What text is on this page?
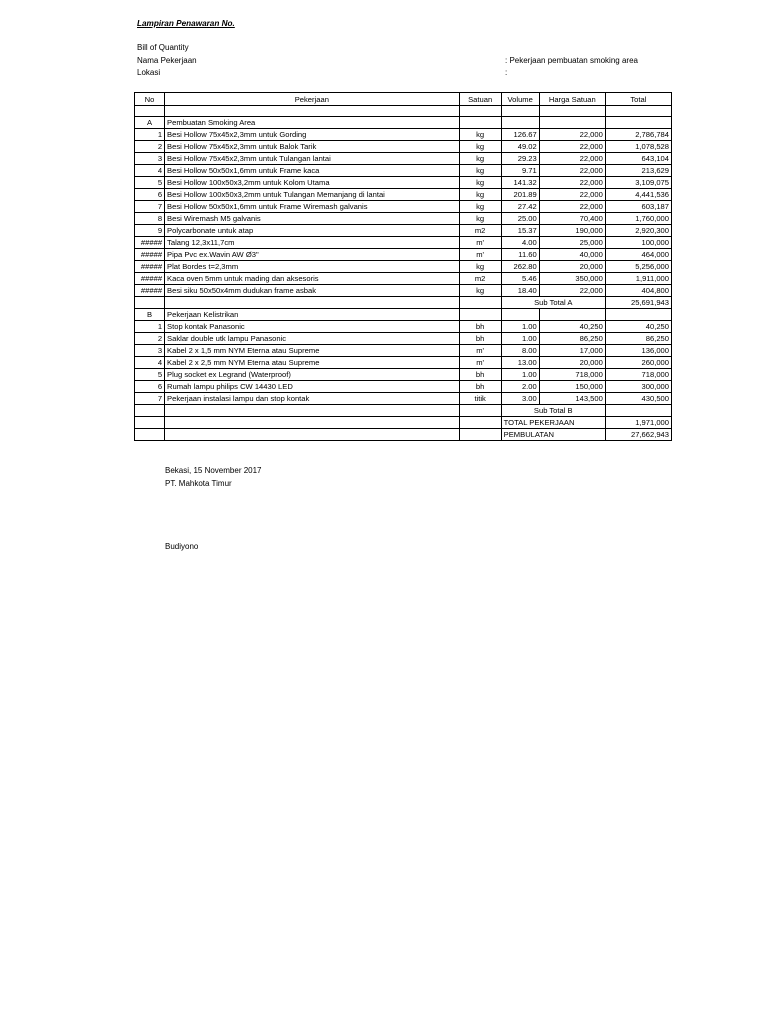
Lampiran Penawaran No.
Bill of Quantity
Nama Pekerjaan	: Pekerjaan pembuatan smoking area
Lokasi	:
No	Pekerjaan	Satuan	Volume	Harga Satuan	Total

A	Pembuatan Smoking Area				
1	Besi Hollow 75x45x2,3mm untuk Gording	kg	126.67	22,000	2,786,784
2	Besi Hollow 75x45x2,3mm untuk Balok Tarik	kg	49.02	22,000	1,078,528
3	Besi Hollow 75x45x2,3mm untuk Tulangan lantai	kg	29.23	22,000	643,104
4	Besi Hollow 50x50x1,6mm untuk Frame kaca	kg	9.71	22,000	213,629
5	Besi Hollow 100x50x3,2mm untuk Kolom Utama	kg	141.32	22,000	3,109,075
6	Besi Hollow 100x50x3,2mm untuk Tulangan Memanjang di lantai	kg	201.89	22,000	4,441,536
7	Besi Hollow 50x50x1,6mm untuk Frame Wiremash galvanis	kg	27.42	22,000	603,187
8	Besi Wiremash M5 galvanis	kg	25.00	70,400	1,760,000
9	Polycarbonate untuk atap	m2	15.37	190,000	2,920,300
#####	Talang 12,3x11,7cm	m'	4.00	25,000	100,000
#####	Pipa Pvc ex.Wavin AW Ø3"	m'	11.60	40,000	464,000
#####	Plat Bordes t=2,3mm	kg	262.80	20,000	5,256,000
#####	Kaca oven 5mm untuk mading dan aksesoris	m2	5.46	350,000	1,911,000
#####	Besi siku 50x50x4mm dudukan frame asbak	kg	18.40	22,000	404,800
			Sub Total A		25,691,943
B	Pekerjaan Kelistrikan				
1	Stop kontak Panasonic	bh	1.00	40,250	40,250
2	Saklar double utk lampu Panasonic	bh	1.00	86,250	86,250
3	Kabel 2 x 1,5 mm NYM Eterna atau Supreme	m'	8.00	17,000	136,000
4	Kabel 2 x 2,5 mm NYM Eterna atau Supreme	m'	13.00	20,000	260,000
5	Plug socket ex Legrand (Waterproof)	bh	1.00	718,000	718,000
6	Rumah lampu philips CW 14430 LED	bh	2.00	150,000	300,000
7	Pekerjaan instalasi lampu dan stop kontak	titik	3.00	143,500	430,500
			Sub Total B		
			TOTAL PEKERJAAN		1,971,000
			PEMBULATAN		27,662,943
Bekasi, 15 November 2017
PT. Mahkota Timur
Budiyono
